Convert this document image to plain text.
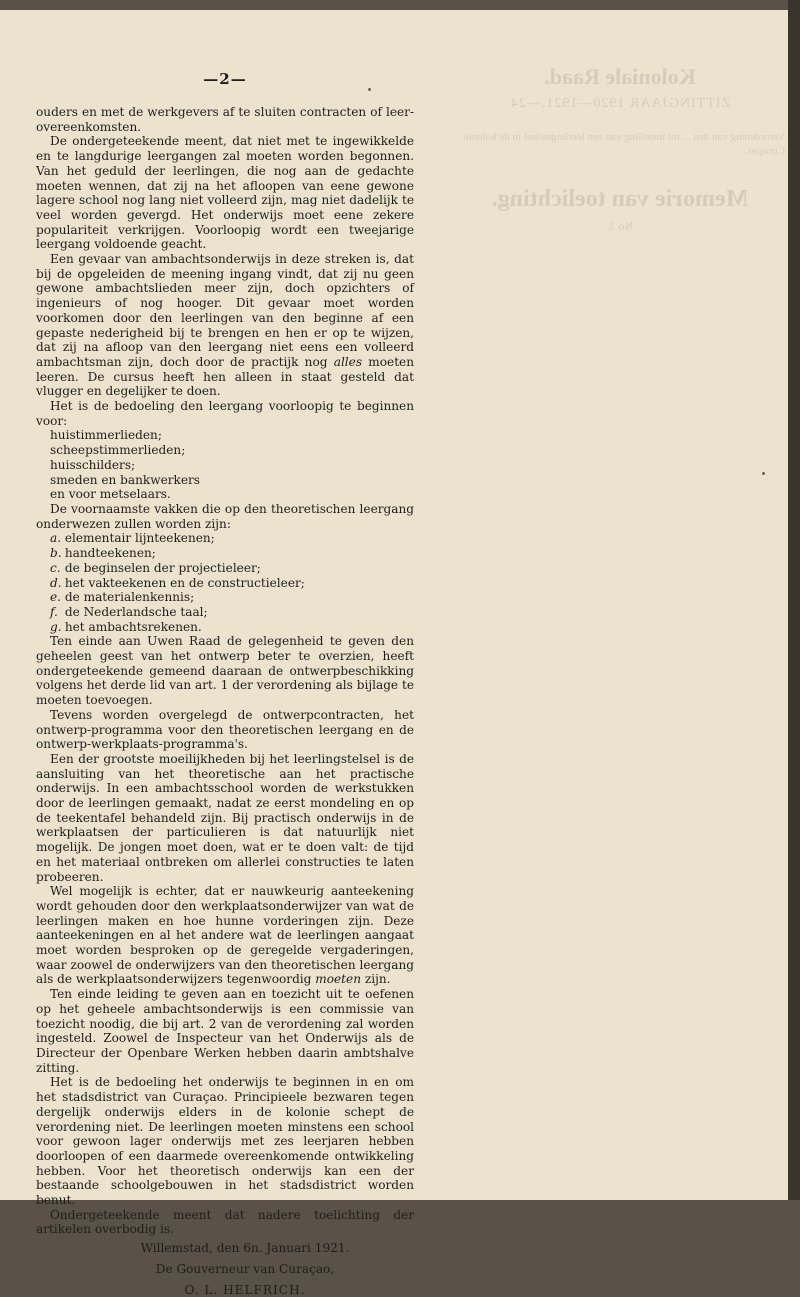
Koloniale Raad.
ZITTINGJAAR 1920—1921.—24
Verordening van den ... tot instelling van een leerlingstelsel in de kolonie Curaçao.
Memorie van toelichting.
No 3.
—2—

ouders en met de werkgevers af te sluiten contracten of leer-overeenkomsten.

De ondergeteekende meent, dat niet met te ingewikkelde en te langdurige leergangen zal moeten worden begonnen. Van het geduld der leerlingen, die nog aan de gedachte moeten wennen, dat zij na het afloopen van eene gewone lagere school nog lang niet volleerd zijn, mag niet dadelijk te veel worden gevergd. Het onderwijs moet eene zekere populariteit verkrijgen. Voorloopig wordt een tweejarige leergang voldoende geacht.

Een gevaar van ambachtsonderwijs in deze streken is, dat bij de opgeleiden de meening ingang vindt, dat zij nu geen gewone ambachtslieden meer zijn, doch opzichters of ingenieurs of nog hooger. Dit gevaar moet worden voorkomen door den leerlingen van den beginne af een gepaste nederigheid bij te brengen en hen er op te wijzen, dat zij na afloop van den leergang niet eens een volleerd ambachtsman zijn, doch door de practijk nog alles moeten leeren. De cursus heeft hen alleen in staat gesteld dat vlugger en degelijker te doen.

Het is de bedoeling den leergang voorloopig te beginnen voor:

huistimmerlieden;
scheepstimmerlieden;
huisschilders;
smeden en bankwerkers
en voor metselaars.

De voornaamste vakken die op den theoretischen leergang onderwezen zullen worden zijn:

a. elementair lijnteekenen;
b. handteekenen;
c. de beginselen der projectieleer;
d. het vakteekenen en de constructieleer;
e. de materialenkennis;
f. de Nederlandsche taal;
g. het ambachtsrekenen.

Ten einde aan Uwen Raad de gelegenheid te geven den geheelen geest van het ontwerp beter te overzien, heeft ondergeteekende gemeend daaraan de ontwerpbeschikking volgens het derde lid van art. 1 der verordening als bijlage te moeten toevoegen.

Tevens worden overgelegd de ontwerpcontracten, het ontwerp-programma voor den theoretischen leergang en de ontwerp-werkplaats-programma's.

Een der grootste moeilijkheden bij het leerlingstelsel is de aansluiting van het theoretische aan het practische onderwijs. In een ambachtsschool worden de werkstukken door de leerlingen gemaakt, nadat ze eerst mondeling en op de teekentafel behandeld zijn. Bij practisch onderwijs in de werkplaatsen der particulieren is dat natuurlijk niet mogelijk. De jongen moet doen, wat er te doen valt: de tijd en het materiaal ontbreken om allerlei constructies te laten probeeren.

Wel mogelijk is echter, dat er nauwkeurig aanteekening wordt gehouden door den werkplaatsonderwijzer van wat de leerlingen maken en hoe hunne vorderingen zijn. Deze aanteekeningen en al het andere wat de leerlingen aangaat moet worden besproken op de geregelde vergaderingen, waar zoowel de onderwijzers van den theoretischen leergang als de werkplaatsonderwijzers tegenwoordig moeten zijn.

Ten einde leiding te geven aan en toezicht uit te oefenen op het geheele ambachtsonderwijs is een commissie van toezicht noodig, die bij art. 2 van de verordening zal worden ingesteld. Zoowel de Inspecteur van het Onderwijs als de Directeur der Openbare Werken hebben daarin ambtshalve zitting.

Het is de bedoeling het onderwijs te beginnen in en om het stadsdistrict van Curaçao. Principieele bezwaren tegen dergelijk onderwijs elders in de kolonie schept de verordening niet. De leerlingen moeten minstens een school voor gewoon lager onderwijs met zes leerjaren hebben doorloopen of een daarmede overeenkomende ontwikkeling hebben. Voor het theoretisch onderwijs kan een der bestaande schoolgebouwen in het stadsdistrict worden benut.

Ondergeteekende meent dat nadere toelichting der artikelen overbodig is.

Willemstad, den 6n. Januari 1921.
De Gouverneur van Curaçao,
O. L. HELFRICH.
